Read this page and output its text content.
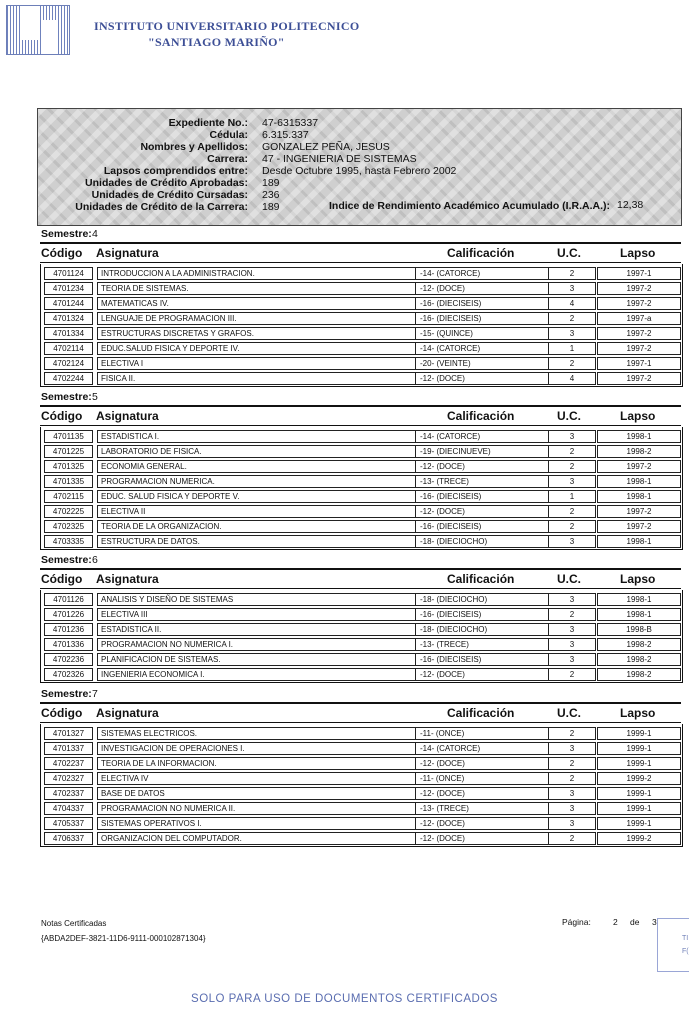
INSTITUTO UNIVERSITARIO POLITECNICO
"SANTIAGO MARIÑO"
Expediente No.: 47-6315337
Cédula: 6.315.337
Nombres y Apellidos: GONZALEZ PEÑA, JESUS
Carrera: 47 - INGENIERIA DE SISTEMAS
Lapsos comprendidos entre: Desde Octubre 1995, hasta Febrero 2002
Unidades de Crédito Aprobadas: 189
Unidades de Crédito Cursadas: 236
Unidades de Crédito de la Carrera: 189	Indice de Rendimiento Académico Acumulado (I.R.A.A.): 12,38
Semestre: 4
Código Asignatura	Calificación	U.C.	Lapso
4701124	INTRODUCCION A LA ADMINISTRACION.	-14- (CATORCE)	2	1997-1
4701234	TEORIA DE SISTEMAS.	-12- (DOCE)	3	1997-2
4701244	MATEMATICAS IV.	-16- (DIECISEIS)	4	1997-2
4701324	LENGUAJE DE PROGRAMACION III.	-16- (DIECISEIS)	2	1997-a
4701334	ESTRUCTURAS DISCRETAS Y GRAFOS.	-15- (QUINCE)	3	1997-2
4702114	EDUC.SALUD FISICA Y DEPORTE IV.	-14- (CATORCE)	1	1997-2
4702124	ELECTIVA I	-20- (VEINTE)	2	1997-1
4702244	FISICA II.	-12- (DOCE)	4	1997-2
Semestre: 5
Código Asignatura	Calificación	U.C.	Lapso
4701135	ESTADISTICA I.	-14- (CATORCE)	3	1998-1
4701225	LABORATORIO DE FISICA.	-19- (DIECINUEVE)	2	1998-2
4701325	ECONOMIA GENERAL.	-12- (DOCE)	2	1997-2
4701335	PROGRAMACION NUMERICA.	-13- (TRECE)	3	1998-1
4702115	EDUC. SALUD FISICA Y DEPORTE V.	-16- (DIECISEIS)	1	1998-1
4702225	ELECTIVA II	-12- (DOCE)	2	1997-2
4702325	TEORIA DE LA ORGANIZACION.	-16- (DIECISEIS)	2	1997-2
4703335	ESTRUCTURA DE DATOS.	-18- (DIECIOCHO)	3	1998-1
Semestre: 6
Código Asignatura	Calificación	U.C.	Lapso
4701126	ANALISIS Y DISEÑO DE SISTEMAS	-18- (DIECIOCHO)	3	1998-1
4701226	ELECTIVA III	-16- (DIECISEIS)	2	1998-1
4701236	ESTADISTICA II.	-18- (DIECIOCHO)	3	1998-B
4701336	PROGRAMACION NO NUMERICA I.	-13- (TRECE)	3	1998-2
4702236	PLANIFICACION DE SISTEMAS.	-16- (DIECISEIS)	3	1998-2
4702326	INGENIERIA ECONOMICA I.	-12- (DOCE)	2	1998-2
Semestre: 7
Código Asignatura	Calificación	U.C.	Lapso
4701327	SISTEMAS ELECTRICOS.	-11- (ONCE)	2	1999-1
4701337	INVESTIGACION DE OPERACIONES I.	-14- (CATORCE)	3	1999-1
4702237	TEORIA DE LA INFORMACION.	-12- (DOCE)	2	1999-1
4702327	ELECTIVA IV	-11- (ONCE)	2	1999-2
4702337	BASE DE DATOS	-12- (DOCE)	3	1999-1
4704337	PROGRAMACION NO NUMERICA II.	-13- (TRECE)	3	1999-1
4705337	SISTEMAS OPERATIVOS I.	-12- (DOCE)	3	1999-1
4706337	ORGANIZACION DEL COMPUTADOR.	-12- (DOCE)	2	1999-2
Notas Certificadas
{ABDA2DEF-3821-11D6-9111-000102871304}
Página:	2 de 3
TI
F(
SOLO PARA USO DE DOCUMENTOS CERTIFICADOS
